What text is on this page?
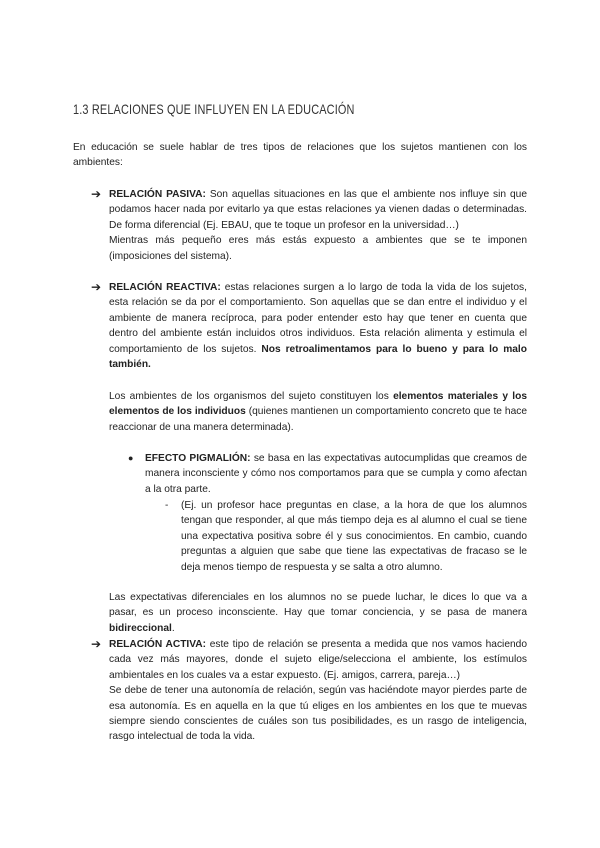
1.3 RELACIONES QUE INFLUYEN EN LA EDUCACIÓN

En educación se suele hablar de tres tipos de relaciones que los sujetos mantienen con los ambientes:

➔ RELACIÓN PASIVA: Son aquellas situaciones en las que el ambiente nos influye sin que podamos hacer nada por evitarlo ya que estas relaciones ya vienen dadas o determinadas. De forma diferencial (Ej. EBAU, que te toque un profesor en la universidad…)

Mientras más pequeño eres más estás expuesto a ambientes que se te imponen (imposiciones del sistema).

➔ RELACIÓN REACTIVA: estas relaciones surgen a lo largo de toda la vida de los sujetos, esta relación se da por el comportamiento. Son aquellas que se dan entre el individuo y el ambiente de manera recíproca, para poder entender esto hay que tener en cuenta que dentro del ambiente están incluidos otros individuos. Esta relación alimenta y estimula el comportamiento de los sujetos. Nos retroalimentamos para lo bueno y para lo malo también.

Los ambientes de los organismos del sujeto constituyen los elementos materiales y los elementos de los individuos (quienes mantienen un comportamiento concreto que te hace reaccionar de una manera determinada).

● EFECTO PIGMALIÓN: se basa en las expectativas autocumplidas que creamos de manera inconsciente y cómo nos comportamos para que se cumpla y como afectan a la otra parte.

- (Ej. un profesor hace preguntas en clase, a la hora de que los alumnos tengan que responder, al que más tiempo deja es al alumno el cual se tiene una expectativa positiva sobre él y sus conocimientos. En cambio, cuando preguntas a alguien que sabe que tiene las expectativas de fracaso se le deja menos tiempo de respuesta y se salta a otro alumno.

Las expectativas diferenciales en los alumnos no se puede luchar, le dices lo que va a pasar, es un proceso inconsciente. Hay que tomar conciencia, y se pasa de manera bidireccional.

➔ RELACIÓN ACTIVA: este tipo de relación se presenta a medida que nos vamos haciendo cada vez más mayores, donde el sujeto elige/selecciona el ambiente, los estímulos ambientales en los cuales va a estar expuesto. (Ej. amigos, carrera, pareja…)

Se debe de tener una autonomía de relación, según vas haciéndote mayor pierdes parte de esa autonomía. Es en aquella en la que tú eliges en los ambientes en los que te muevas siempre siendo conscientes de cuáles son tus posibilidades, es un rasgo de inteligencia, rasgo intelectual de toda la vida.
